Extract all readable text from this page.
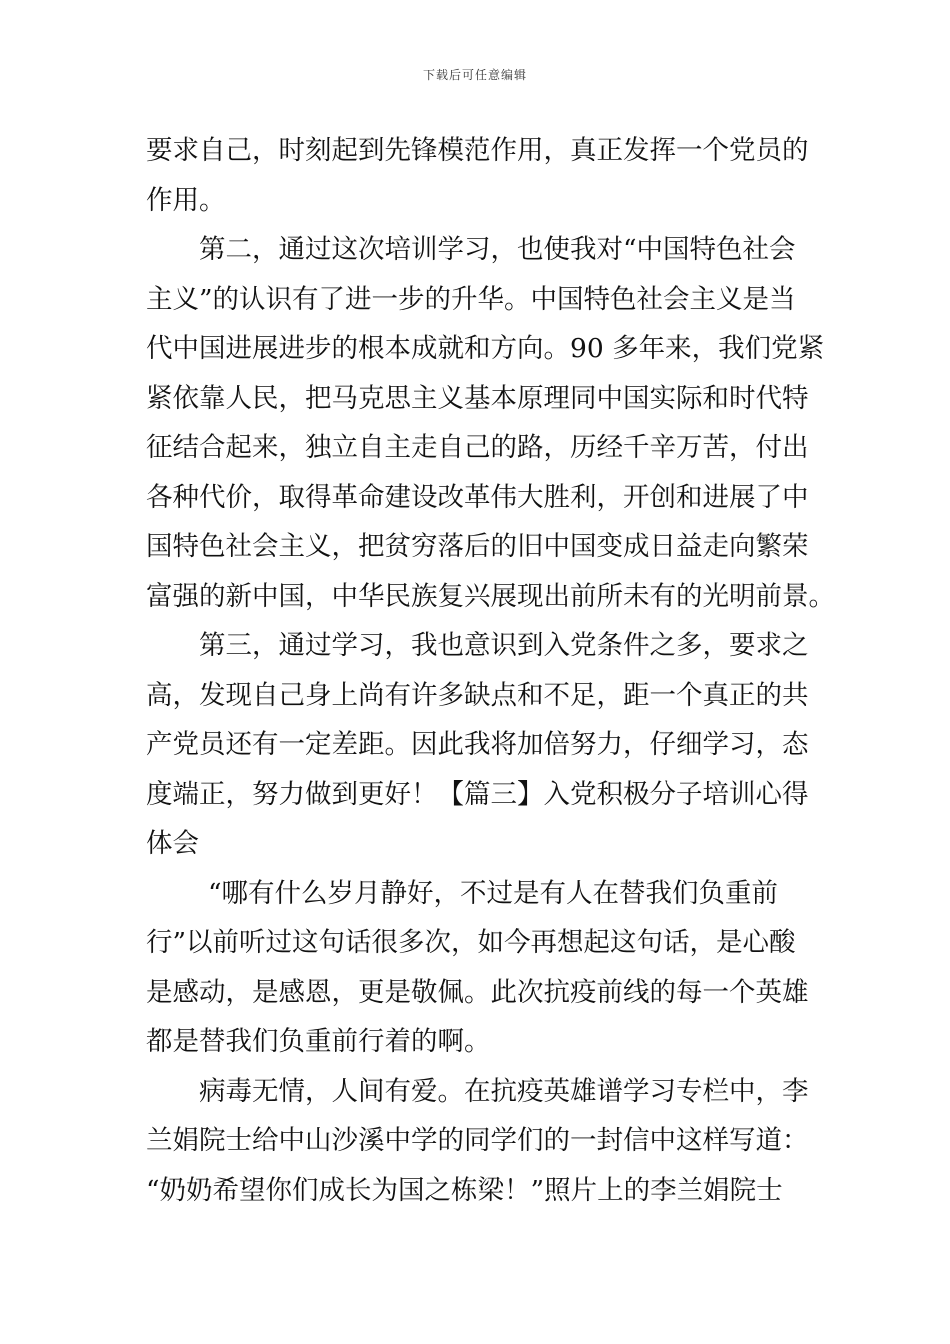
下载后可任意编辑
要求自己，时刻起到先锋模范作用，真正发挥一个党员的
作用。
第二，通过这次培训学习，也使我对“中国特色社会
主义”的认识有了进一步的升华。中国特色社会主义是当
代中国进展进步的根本成就和方向。90 多年来，我们党紧
紧依靠人民，把马克思主义基本原理同中国实际和时代特
征结合起来，独立自主走自己的路，历经千辛万苦，付出
各种代价，取得革命建设改革伟大胜利，开创和进展了中
国特色社会主义，把贫穷落后的旧中国变成日益走向繁荣
富强的新中国，中华民族复兴展现出前所未有的光明前景。
第三，通过学习，我也意识到入党条件之多，要求之
高，发现自己身上尚有许多缺点和不足，距一个真正的共
产党员还有一定差距。因此我将加倍努力，仔细学习，态
度端正，努力做到更好！【篇三】入党积极分子培训心得
体会
“哪有什么岁月静好，不过是有人在替我们负重前
行”以前听过这句话很多次，如今再想起这句话，是心酸
是感动，是感恩，更是敬佩。此次抗疫前线的每一个英雄
都是替我们负重前行着的啊。
病毒无情，人间有爱。在抗疫英雄谱学习专栏中，李
兰娟院士给中山沙溪中学的同学们的一封信中这样写道：
“奶奶希望你们成长为国之栋梁！”照片上的李兰娟院士
